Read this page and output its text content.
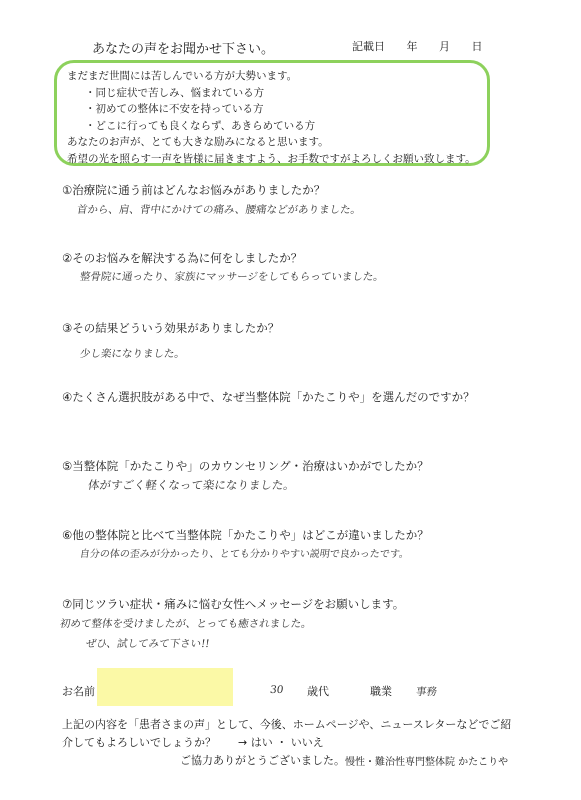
あなたの声をお聞かせ下さい。	記載日 年 月 日
まだまだ世間には苦しんでいる方が大勢います。
・同じ症状で苦しみ、悩まれている方
・初めての整体に不安を持っている方
・どこに行っても良くならず、あきらめている方
あなたのお声が、とても大きな励みになると思います。
希望の光を照らす一声を皆様に届きますよう、お手数ですがよろしくお願い致します。
①治療院に通う前はどんなお悩みがありましたか？
首から、肩、背中にかけての痛み、腰痛などがありました。
②そのお悩みを解決する為に何をしましたか？
整骨院に通ったり、家族にマッサージをしてもらっていました。
③その結果どういう効果がありましたか？
少し楽になりました。
④たくさん選択肢がある中で、なぜ当整体院「かたこりや」を選んだのですか？
⑤当整体院「かたこりや」のカウンセリング・治療はいかがでしたか？
体がすごく軽くなって楽になりました。
⑥他の整体院と比べて当整体院「かたこりや」はどこが違いましたか？
自分の体の歪みが分かったり、とても分かりやすい説明で良かったです。
⑦同じツラい症状・痛みに悩む女性へメッセージをお願いします。
初めて整体を受けましたが、とっても癒されました。
ぜひ、試してみて下さい!!
お名前	30 歳代	職業 事務
上記の内容を「患者さまの声」として、今後、ホームページや、ニュースレターなどでご紹
介してもよろしいでしょうか？　　→ はい ・ いいえ
ご協力ありがとうございました。 慢性・難治性専門整体院 かたこりや
